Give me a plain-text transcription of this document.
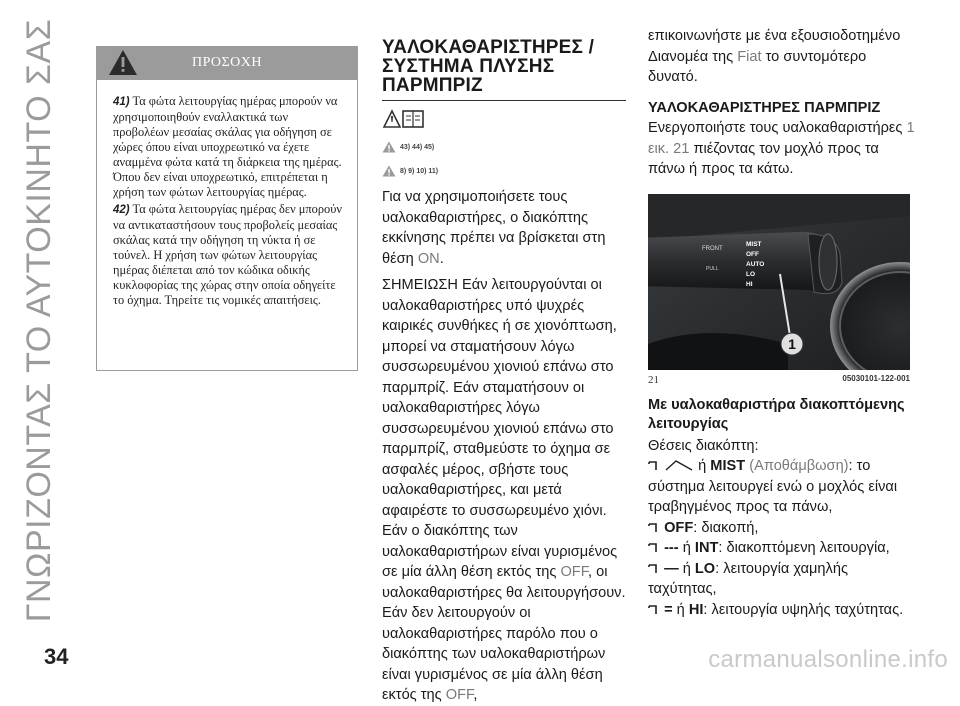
ΓΝΩΡΙΖΟΝΤΑΣ ΤΟ ΑΥΤΟΚΙΝΗΤΟ ΣΑΣ	ΠΡΟΣΟΧΗ

41) Τα φώτα λειτουργίας ημέρας μπορούν να χρησιμοποιηθούν εναλλακτικά των προβολέων μεσαίας σκάλας για οδήγηση σε χώρες όπου είναι υποχρεωτικό να έχετε αναμμένα φώτα κατά τη διάρκεια της ημέρας. Όπου δεν είναι υποχρεωτικό, επιτρέπεται η χρήση των φώτων λειτουργίας ημέρας.

42) Τα φώτα λειτουργίας ημέρας δεν μπορούν να αντικαταστήσουν τους προβολείς μεσαίας σκάλας κατά την οδήγηση τη νύκτα ή σε τούνελ. Η χρήση των φώτων λειτουργίας ημέρας διέπεται από τον κώδικα οδικής κυκλοφορίας της χώρας στην οποία οδηγείτε το όχημα. Τηρείτε τις νομικές απαιτήσεις.

ΥΑΛΟΚΑΘΑΡΙΣΤΗΡΕΣ / ΣΥΣΤΗΜΑ ΠΛΥΣΗΣ ΠΑΡΜΠΡΙΖ
43) 44) 45)
8) 9) 10) 11)

Για να χρησιμοποιήσετε τους υαλοκαθαριστήρες, ο διακόπτης εκκίνησης πρέπει να βρίσκεται στη θέση ON.

ΣΗΜΕΙΩΣΗ Εάν λειτουργούνται οι υαλοκαθαριστήρες υπό ψυχρές καιρικές συνθήκες ή σε χιονόπτωση, μπορεί να σταματήσουν λόγω συσσωρευμένου χιονιού επάνω στο παρμπρίζ. Εάν σταματήσουν οι υαλοκαθαριστήρες λόγω συσσωρευμένου χιονιού επάνω στο παρμπρίζ, σταθμεύστε το όχημα σε ασφαλές μέρος, σβήστε τους υαλοκαθαριστήρες, και μετά αφαιρέστε το συσσωρευμένο χιόνι. Εάν ο διακόπτης των υαλοκαθαριστήρων είναι γυρισμένος σε μία άλλη θέση εκτός της OFF, οι υαλοκαθαριστήρες θα λειτουργήσουν. Εάν δεν λειτουργούν οι υαλοκαθαριστήρες παρόλο που ο διακόπτης των υαλοκαθαριστήρων είναι γυρισμένος σε μία άλλη θέση εκτός της OFF,

επικοινωνήστε με ένα εξουσιοδοτημένο Διανομέα της Fiat το συντομότερο δυνατό.

ΥΑΛΟΚΑΘΑΡΙΣΤΗΡΕΣ ΠΑΡΜΠΡΙΖ

Ενεργοποιήστε τους υαλοκαθαριστήρες 1 εικ. 21 πιέζοντας τον μοχλό προς τα πάνω ή προς τα κάτω.

FRONT
MIST
OFF
AUTO
LO
HI
PULL
1
21	05030101-122-001
Με υαλοκαθαριστήρα διακοπτόμενης λειτουργίας

Θέσεις διακόπτη:

ή MIST (Αποθάμβωση): το σύστημα λειτουργεί ενώ ο μοχλός είναι τραβηγμένος προς τα πάνω,

OFF: διακοπή,

--- ή INT: διακοπτόμενη λειτουργία,

— ή LO: λειτουργία χαμηλής ταχύτητας,

= ή HI: λειτουργία υψηλής ταχύτητας.

34	carmanualsonline.info
